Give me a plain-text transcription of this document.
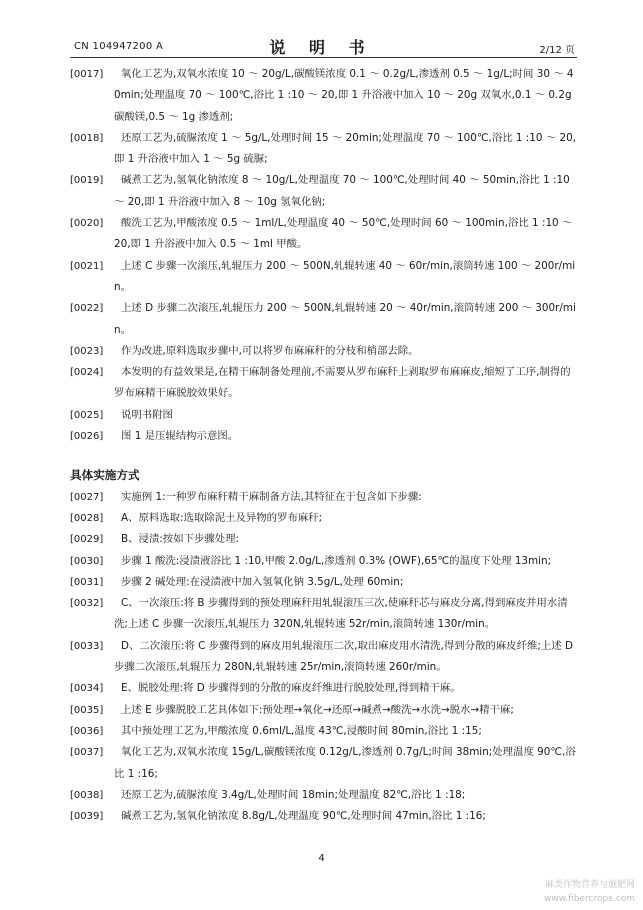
CN 104947200 A	说 明 书	2/12 页
[0017]	氧化工艺为,双氧水浓度 10 ～ 20g/L,碳酸镁浓度 0.1 ～ 0.2g/L,渗透剂 0.5 ～ 1g/L;时间 30 ～ 40min;处理温度 70 ～ 100℃,浴比 1 :10 ～ 20,即 1 升浴液中加入 10 ～ 20g 双氧水,0.1 ～ 0.2g 碳酸镁,0.5 ～ 1g 渗透剂;
[0018]	还原工艺为,硫脲浓度 1 ～ 5g/L,处理时间 15 ～ 20min;处理温度 70 ～ 100℃,浴比 1 :10 ～ 20,即 1 升浴液中加入 1 ～ 5g 硫脲;
[0019]	碱煮工艺为,氢氧化钠浓度 8 ～ 10g/L,处理温度 70 ～ 100℃,处理时间 40 ～ 50min,浴比 1 :10 ～ 20,即 1 升浴液中加入 8 ～ 10g 氢氧化钠;
[0020]	酸洗工艺为,甲酸浓度 0.5 ～ 1ml/L,处理温度 40 ～ 50℃,处理时间 60 ～ 100min,浴比 1 :10 ～ 20,即 1 升浴液中加入 0.5 ～ 1ml 甲酸。
[0021]	上述 C 步骤一次滚压,轧辊压力 200 ～ 500N,轧辊转速 40 ～ 60r/min,滚筒转速 100 ～ 200r/min。
[0022]	上述 D 步骤二次滚压,轧辊压力 200 ～ 500N,轧辊转速 20 ～ 40r/min,滚筒转速 200 ～ 300r/min。
[0023]	作为改进,原料选取步骤中,可以将罗布麻麻秆的分枝和梢部去除。
[0024]	本发明的有益效果是,在精干麻制备处理前,不需要从罗布麻秆上剥取罗布麻麻皮,缩短了工序,制得的罗布麻精干麻脱胶效果好。
[0025]	说明书附图
[0026]	图 1 是压辊结构示意图。
具体实施方式
[0027]	实施例 1:一种罗布麻秆精干麻制备方法,其特征在于包含如下步骤:
[0028]	A、原料选取:选取除泥土及异物的罗布麻秆;
[0029]	B、浸渍:按如下步骤处理:
[0030]	步骤 1 酸洗:浸渍液浴比 1 :10,甲酸 2.0g/L,渗透剂 0.3% (OWF),65℃的温度下处理 13min;
[0031]	步骤 2 碱处理:在浸渍液中加入氢氧化钠 3.5g/L,处理 60min;
[0032]	C、一次滚压:将 B 步骤得到的预处理麻秆用轧辊滚压三次,使麻秆芯与麻皮分离,得到麻皮并用水清洗;上述 C 步骤一次滚压,轧辊压力 320N,轧辊转速 52r/min,滚筒转速 130r/min。
[0033]	D、二次滚压:将 C 步骤得到的麻皮用轧辊滚压二次,取出麻皮用水清洗,得到分散的麻皮纤维;上述 D 步骤二次滚压,轧辊压力 280N,轧辊转速 25r/min,滚筒转速 260r/min。
[0034]	E、脱胶处理:将 D 步骤得到的分散的麻皮纤维进行脱胶处理,得到精干麻。
[0035]	上述 E 步骤脱胶工艺具体如下:预处理→氧化→还原→碱煮→酸洗→水洗→脱水→精干麻;
[0036]	其中预处理工艺为,甲酸浓度 0.6ml/L,温度 43℃,浸酸时间 80min,浴比 1 :15;
[0037]	氧化工艺为,双氧水浓度 15g/L,碳酸镁浓度 0.12g/L,渗透剂 0.7g/L;时间 38min;处理温度 90℃,浴比 1 :16;
[0038]	还原工艺为,硫脲浓度 3.4g/L,处理时间 18min;处理温度 82℃,浴比 1 :18;
[0039]	碱煮工艺为,氢氧化钠浓度 8.8g/L,处理温度 90℃,处理时间 47min,浴比 1 :16;
4
麻类作物营养与施肥网
www.fibercrops.com
